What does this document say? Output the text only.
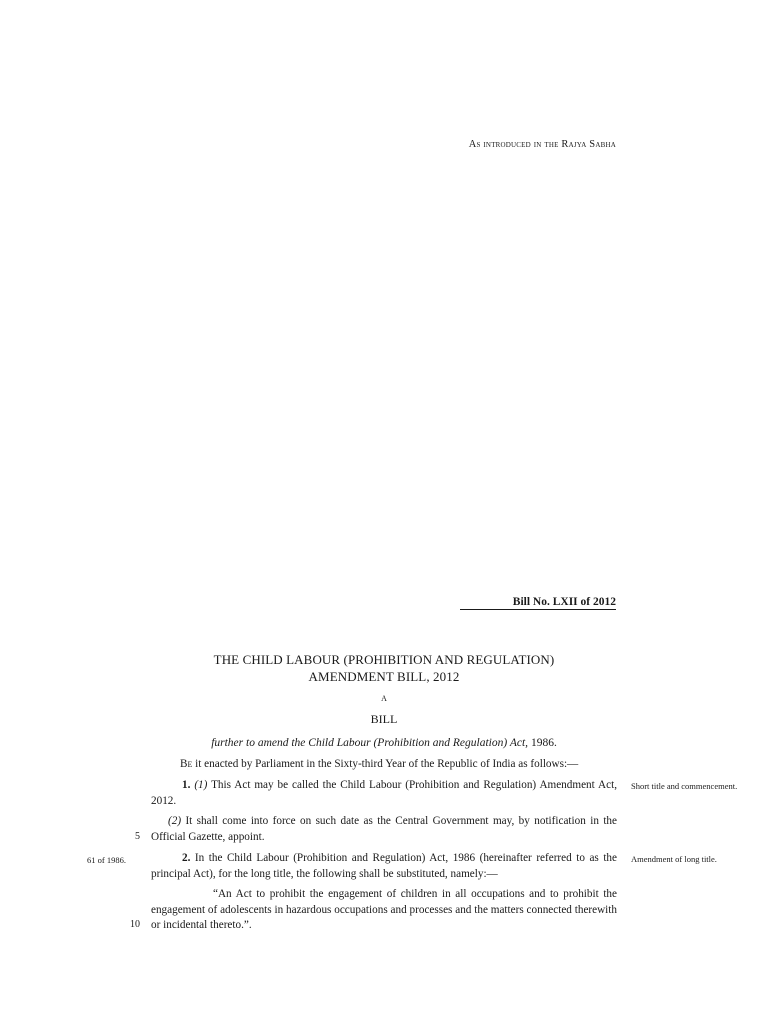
As introduced in the Rajya Sabha
Bill No. LXII of 2012
THE CHILD LABOUR (PROHIBITION AND REGULATION)
AMENDMENT BILL, 2012
A
BILL
further to amend the Child Labour (Prohibition and Regulation) Act, 1986.
Be it enacted by Parliament in the Sixty-third Year of the Republic of India as follows:—
1. (1) This Act may be called the Child Labour (Prohibition and Regulation) Amendment Act, 2012.
Short title and commencement.
(2) It shall come into force on such date as the Central Government may, by notification in the Official Gazette, appoint.
5
2. In the Child Labour (Prohibition and Regulation) Act, 1986 (hereinafter referred to as the principal Act), for the long title, the following shall be substituted, namely:—
61 of 1986.	Amendment of long title.
“An Act to prohibit the engagement of children in all occupations and to prohibit the engagement of adolescents in hazardous occupations and processes and the matters connected therewith or incidental thereto.”.
10
